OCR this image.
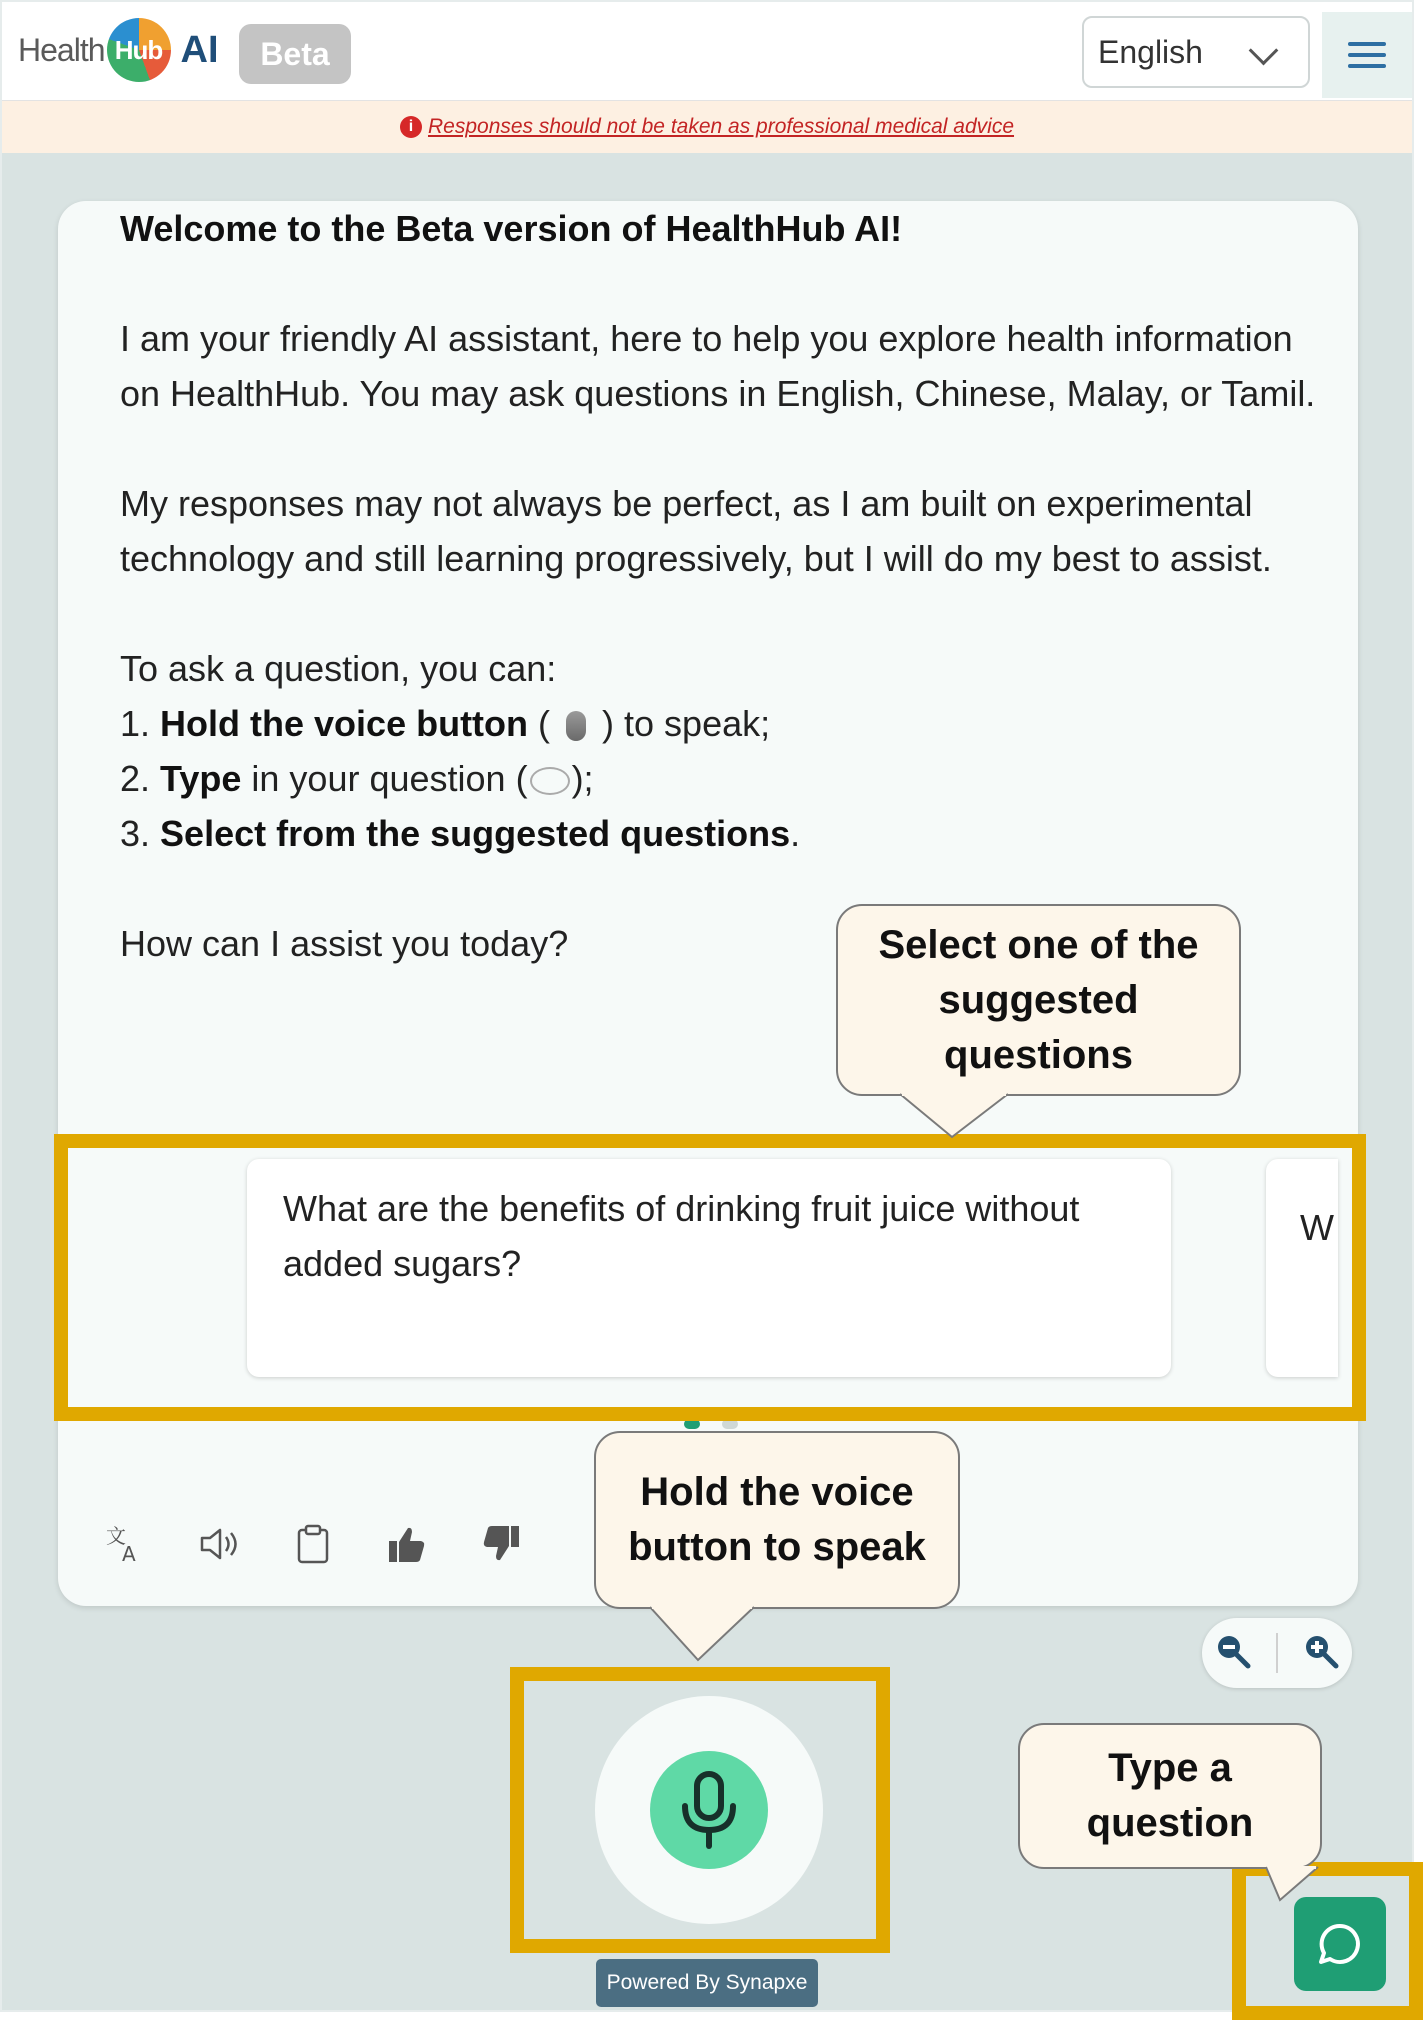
Health Hub AI	Beta	English
i Responses should not be taken as professional medical advice

Welcome to the Beta version of HealthHub AI!

I am your friendly AI assistant, here to help you explore health information on HealthHub. You may ask questions in English, Chinese, Malay, or Tamil.

My responses may not always be perfect, as I am built on experimental technology and still learning progressively, but I will do my best to assist.

To ask a question, you can:

1. Hold the voice button (  ) to speak;

2. Type in your question ( );

3. Select from the suggested questions.

How can I assist you today?

What are the benefits of drinking fruit juice without added sugars?
W
文
A
Powered By Synapxe
Select one of the suggested questions
Hold the voice button to speak
Type a question
